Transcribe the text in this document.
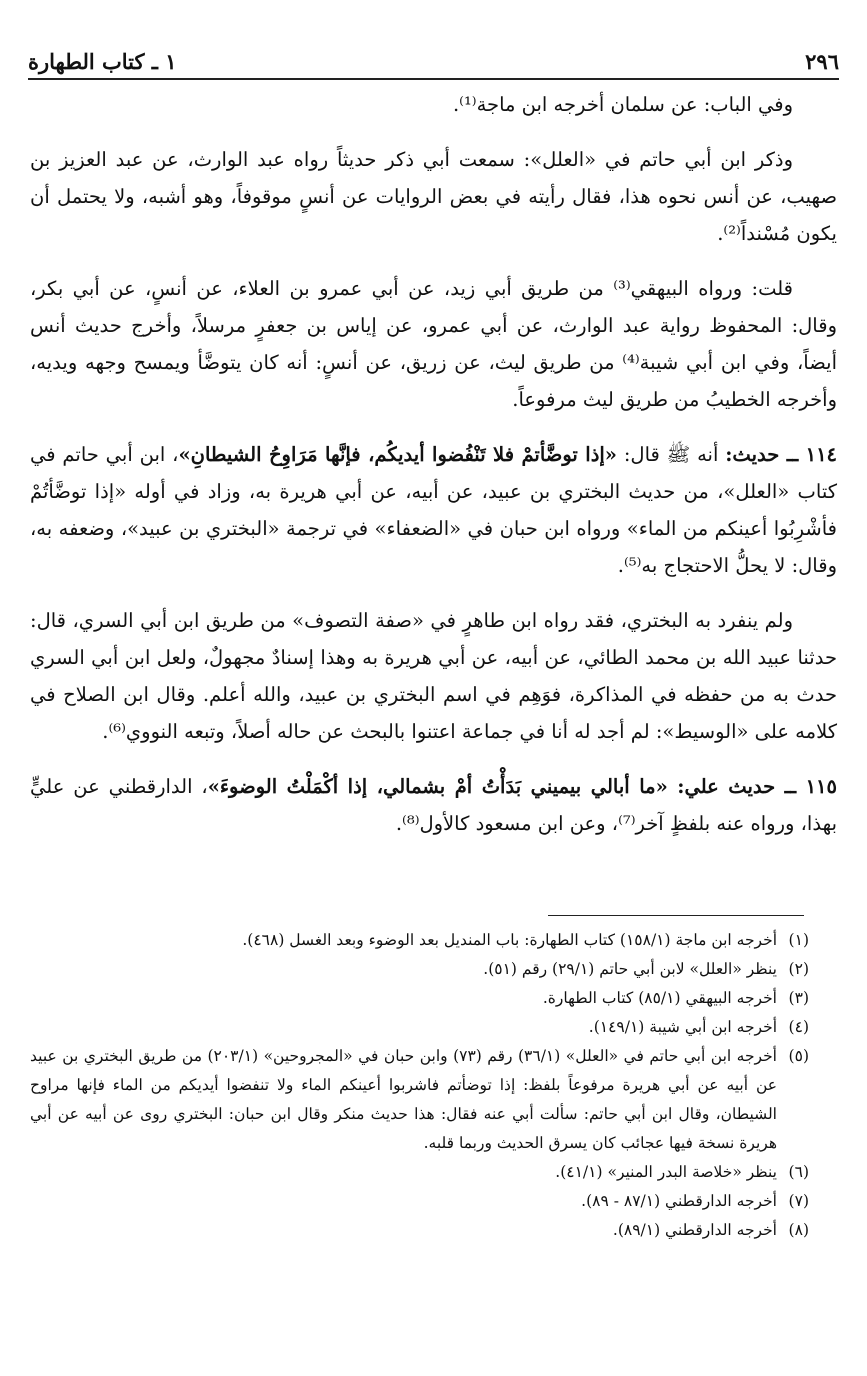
١ ـ كتاب الطهارة	٢٩٦

وفي الباب: عن سلمان أخرجه ابن ماجة⁽¹⁾.

وذكر ابن أبي حاتم في «العلل»: سمعت أبي ذكر حديثاً رواه عبد الوارث، عن عبد العزيز بن صهيب، عن أنس نحوه هذا، فقال رأيته في بعض الروايات عن أنسٍ موقوفاً، وهو أشبه، ولا يحتمل أن يكون مُسْنداً⁽²⁾.

قلت: ورواه البيهقي⁽³⁾ من طريق أبي زيد، عن أبي عمرو بن العلاء، عن أنسٍ، عن أبي بكر، وقال: المحفوظ رواية عبد الوارث، عن أبي عمرو، عن إياس بن جعفرٍ مرسلاً، وأخرج حديث أنس أيضاً، وفي ابن أبي شيبة⁽⁴⁾ من طريق ليث، عن زريق، عن أنسٍ: أنه كان يتوضَّأ ويمسح وجهه ويديه، وأخرجه الخطيبُ من طريق ليث مرفوعاً.

١١٤ ــ حديث: أنه ﷺ قال: «إذا توضَّأتمْ فلا تَنْفُضوا أيديكُم، فإنَّها مَرَاوِحُ الشيطانِ»، ابن أبي حاتم في كتاب «العلل»، من حديث البختري بن عبيد، عن أبيه، عن أبي هريرة به، وزاد في أوله «إذا توضَّأتُمْ فأشْرِبُوا أعينكم من الماء» ورواه ابن حبان في «الضعفاء» في ترجمة «البختري بن عبيد»، وضعفه به، وقال: لا يحلُّ الاحتجاج به⁽⁵⁾.

ولم ينفرد به البختري، فقد رواه ابن طاهرٍ في «صفة التصوف» من طريق ابن أبي السري، قال: حدثنا عبيد الله بن محمد الطائي، عن أبيه، عن أبي هريرة به وهذا إسنادٌ مجهولٌ، ولعل ابن أبي السري حدث به من حفظه في المذاكرة، فوَهِم في اسم البختري بن عبيد، والله أعلم. وقال ابن الصلاح في كلامه على «الوسيط»: لم أجد له أنا في جماعة اعتنوا بالبحث عن حاله أصلاً، وتبعه النووي⁽⁶⁾.

١١٥ ــ حديث علي: «ما أبالي بيميني بَدَأْتُ أمْ بشمالي، إذا أكْمَلْتُ الوضوءَ»، الدارقطني عن عليٍّ بهذا، ورواه عنه بلفظٍ آخر⁽⁷⁾، وعن ابن مسعود كالأول⁽⁸⁾.

(١)
أخرجه ابن ماجة (١٥٨/١) كتاب الطهارة: باب المنديل بعد الوضوء وبعد الغسل (٤٦٨).
(٢)
ينظر «العلل» لابن أبي حاتم (٢٩/١) رقم (٥١).
(٣)
أخرجه البيهقي (٨٥/١) كتاب الطهارة.
(٤)
أخرجه ابن أبي شيبة (١٤٩/١).
(٥)
أخرجه ابن أبي حاتم في «العلل» (٣٦/١) رقم (٧٣) وابن حبان في «المجروحين» (٢٠٣/١) من طريق البختري بن عبيد عن أبيه عن أبي هريرة مرفوعاً بلفظ: إذا توضأتم فاشربوا أعينكم الماء ولا تنفضوا أيديكم من الماء فإنها مراوح الشيطان، وقال ابن أبي حاتم: سألت أبي عنه فقال: هذا حديث منكر وقال ابن حبان: البختري روى عن أبيه عن أبي هريرة نسخة فيها عجائب كان يسرق الحديث وربما قلبه.
(٦)
ينظر «خلاصة البدر المنير» (٤١/١).
(٧)
أخرجه الدارقطني (٨٧/١ - ٨٩).
(٨)
أخرجه الدارقطني (٨٩/١).
